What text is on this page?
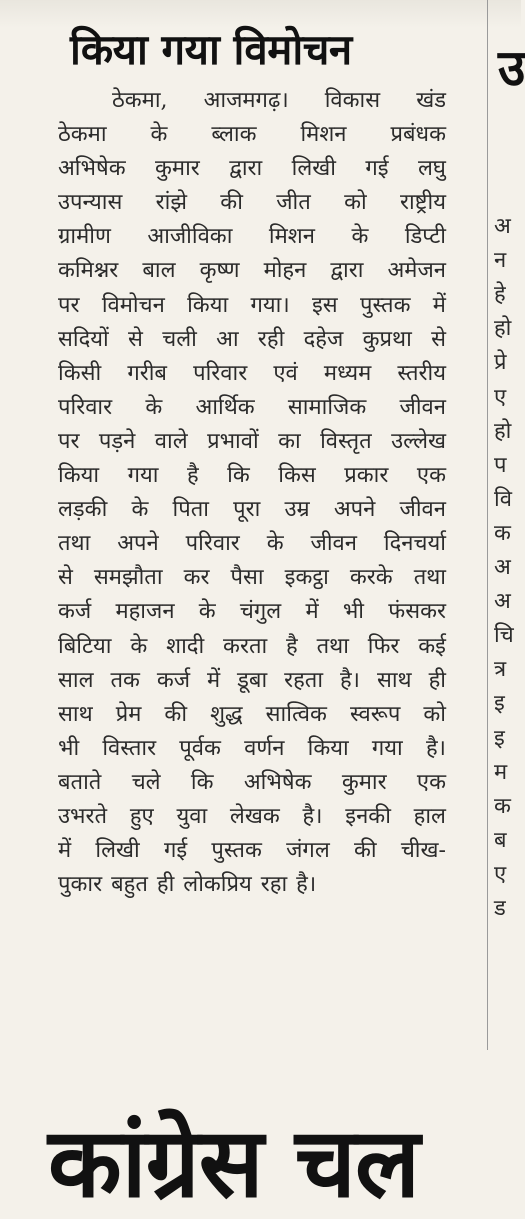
किया गया विमोचन
ठेकमा, आजमगढ़। विकास खंड
ठेकमा के ब्लाक मिशन प्रबंधक
अभिषेक कुमार द्वारा लिखी गई लघु
उपन्यास रांझे की जीत को राष्ट्रीय
ग्रामीण आजीविका मिशन के डिप्टी
कमिश्नर बाल कृष्ण मोहन द्वारा अमेजन
पर विमोचन किया गया। इस पुस्तक में
सदियों से चली आ रही दहेज कुप्रथा से
किसी गरीब परिवार एवं मध्यम स्तरीय
परिवार के आर्थिक सामाजिक जीवन
पर पड़ने वाले प्रभावों का विस्तृत उल्लेख
किया गया है कि किस प्रकार एक
लड़की के पिता पूरा उम्र अपने जीवन
तथा अपने परिवार के जीवन दिनचर्या
से समझौता कर पैसा इकट्ठा करके तथा
कर्ज महाजन के चंगुल में भी फंसकर
बिटिया के शादी करता है तथा फिर कई
साल तक कर्ज में डूबा रहता है। साथ ही
साथ प्रेम की शुद्ध सात्विक स्वरूप को
भी विस्तार पूर्वक वर्णन किया गया है।
बताते चले कि अभिषेक कुमार एक
उभरते हुए युवा लेखक है। इनकी हाल
में लिखी गई पुस्तक जंगल की चीख-
पुकार बहुत ही लोकप्रिय रहा है।
उ
अ
न
हे
हो
प्रे
ए
हो
प
वि
क
अ
अ
चि
त्र
इ
इ
म
क
ब
ए
ड
कांग्रेस चल
